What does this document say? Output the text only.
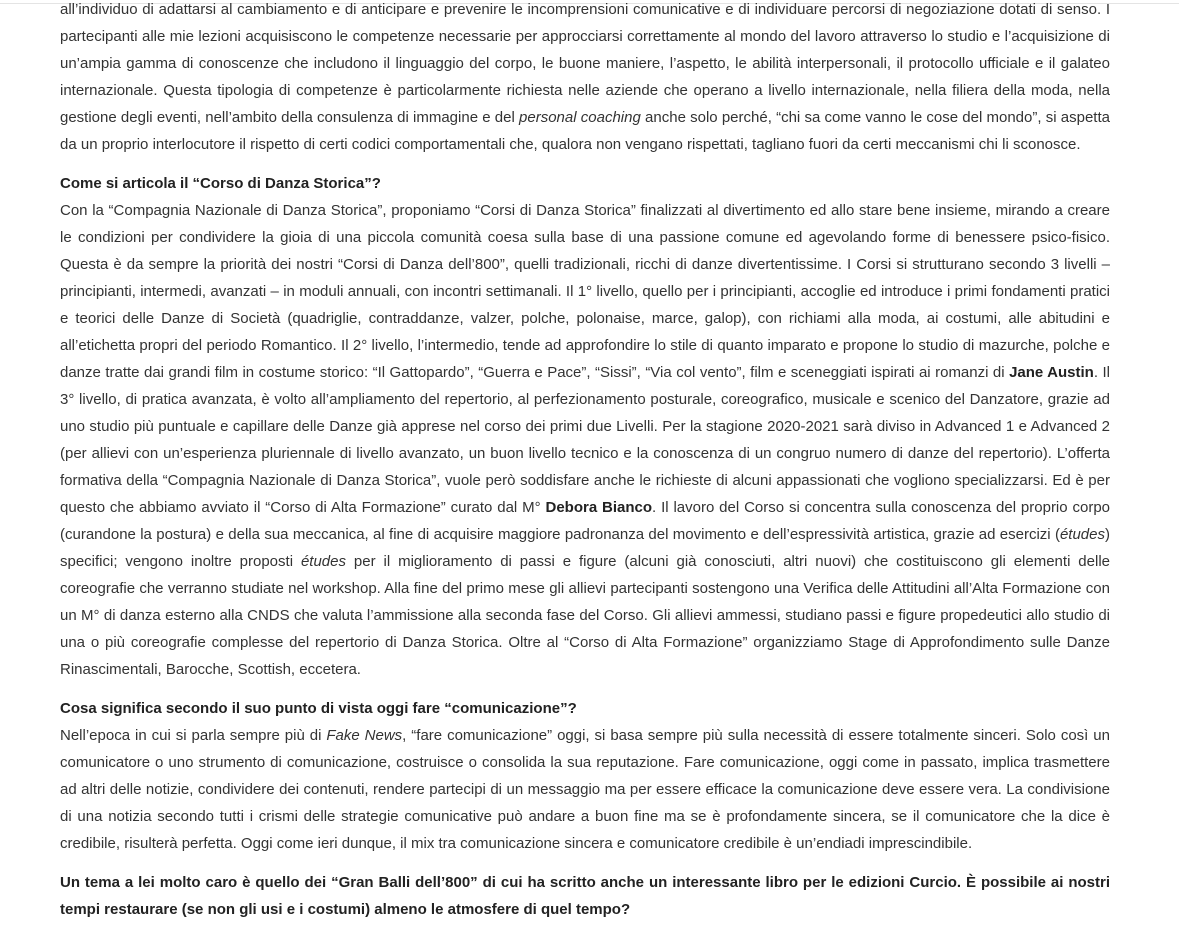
all’individuo di adattarsi al cambiamento e di anticipare e prevenire le incomprensioni comunicative e di individuare percorsi di negoziazione dotati di senso. I partecipanti alle mie lezioni acquisiscono le competenze necessarie per approcciarsi correttamente al mondo del lavoro attraverso lo studio e l’acquisizione di un’ampia gamma di conoscenze che includono il linguaggio del corpo, le buone maniere, l’aspetto, le abilità interpersonali, il protocollo ufficiale e il galateo internazionale. Questa tipologia di competenze è particolarmente richiesta nelle aziende che operano a livello internazionale, nella filiera della moda, nella gestione degli eventi, nell’ambito della consulenza di immagine e del personal coaching anche solo perché, “chi sa come vanno le cose del mondo”, si aspetta da un proprio interlocutore il rispetto di certi codici comportamentali che, qualora non vengano rispettati, tagliano fuori da certi meccanismi chi li sconosce.

Come si articola il “Corso di Danza Storica”?

Con la “Compagnia Nazionale di Danza Storica”, proponiamo “Corsi di Danza Storica” finalizzati al divertimento ed allo stare bene insieme, mirando a creare le condizioni per condividere la gioia di una piccola comunità coesa sulla base di una passione comune ed agevolando forme di benessere psico-fisico. Questa è da sempre la priorità dei nostri “Corsi di Danza dell’800”, quelli tradizionali, ricchi di danze divertentissime. I Corsi si strutturano secondo 3 livelli – principianti, intermedi, avanzati – in moduli annuali, con incontri settimanali. Il 1° livello, quello per i principianti, accoglie ed introduce i primi fondamenti pratici e teorici delle Danze di Società (quadriglie, contraddanze, valzer, polche, polonaise, marce, galop), con richiami alla moda, ai costumi, alle abitudini e all’etichetta propri del periodo Romantico. Il 2° livello, l’intermedio, tende ad approfondire lo stile di quanto imparato e propone lo studio di mazurche, polche e danze tratte dai grandi film in costume storico: “Il Gattopardo”, “Guerra e Pace”, “Sissi”, “Via col vento”, film e sceneggiati ispirati ai romanzi di Jane Austin. Il 3° livello, di pratica avanzata, è volto all’ampliamento del repertorio, al perfezionamento posturale, coreografico, musicale e scenico del Danzatore, grazie ad uno studio più puntuale e capillare delle Danze già apprese nel corso dei primi due Livelli. Per la stagione 2020-2021 sarà diviso in Advanced 1 e Advanced 2 (per allievi con un’esperienza pluriennale di livello avanzato, un buon livello tecnico e la conoscenza di un congruo numero di danze del repertorio). L’offerta formativa della “Compagnia Nazionale di Danza Storica”, vuole però soddisfare anche le richieste di alcuni appassionati che vogliono specializzarsi. Ed è per questo che abbiamo avviato il “Corso di Alta Formazione” curato dal M° Debora Bianco. Il lavoro del Corso si concentra sulla conoscenza del proprio corpo (curandone la postura) e della sua meccanica, al fine di acquisire maggiore padronanza del movimento e dell’espressività artistica, grazie ad esercizi (études) specifici; vengono inoltre proposti études per il miglioramento di passi e figure (alcuni già conosciuti, altri nuovi) che costituiscono gli elementi delle coreografie che verranno studiate nel workshop. Alla fine del primo mese gli allievi partecipanti sostengono una Verifica delle Attitudini all’Alta Formazione con un M° di danza esterno alla CNDS che valuta l’ammissione alla seconda fase del Corso. Gli allievi ammessi, studiano passi e figure propedeutici allo studio di una o più coreografie complesse del repertorio di Danza Storica. Oltre al “Corso di Alta Formazione” organizziamo Stage di Approfondimento sulle Danze Rinascimentali, Barocche, Scottish, eccetera.

Cosa significa secondo il suo punto di vista oggi fare “comunicazione”?

Nell’epoca in cui si parla sempre più di Fake News, “fare comunicazione” oggi, si basa sempre più sulla necessità di essere totalmente sinceri. Solo così un comunicatore o uno strumento di comunicazione, costruisce o consolida la sua reputazione. Fare comunicazione, oggi come in passato, implica trasmettere ad altri delle notizie, condividere dei contenuti, rendere partecipi di un messaggio ma per essere efficace la comunicazione deve essere vera. La condivisione di una notizia secondo tutti i crismi delle strategie comunicative può andare a buon fine ma se è profondamente sincera, se il comunicatore che la dice è credibile, risulterà perfetta. Oggi come ieri dunque, il mix tra comunicazione sincera e comunicatore credibile è un’endiadi imprescindibile.

Un tema a lei molto caro è quello dei “Gran Balli dell’800” di cui ha scritto anche un interessante libro per le edizioni Curcio. È possibile ai nostri tempi restaurare (se non gli usi e i costumi) almeno le atmosfere di quel tempo?
